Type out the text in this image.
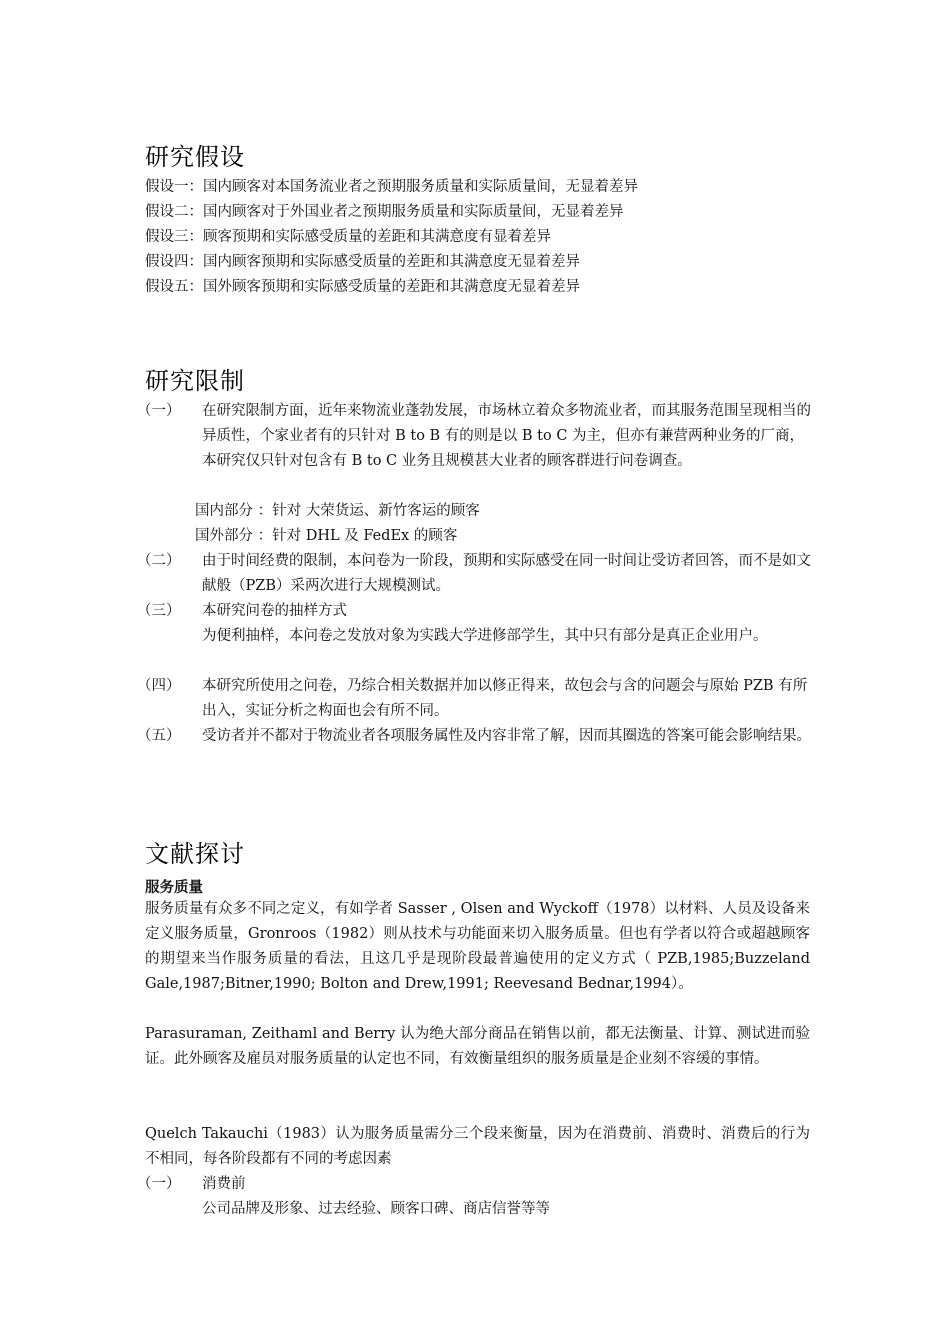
研究假设
假设一：国内顾客对本国务流业者之预期服务质量和实际质量间，无显着差异
假设二：国内顾客对于外国业者之预期服务质量和实际质量间，无显着差异
假设三：顾客预期和实际感受质量的差距和其满意度有显着差异
假设四：国内顾客预期和实际感受质量的差距和其满意度无显着差异
假设五：国外顾客预期和实际感受质量的差距和其满意度无显着差异
研究限制
（一）	在研究限制方面，近年来物流业蓬勃发展，市场林立着众多物流业者，而其服务范围呈现相当的异质性，个家业者有的只针对 B to B 有的则是以 B to C 为主，但亦有兼营两种业务的厂商，本研究仅只针对包含有 B to C 业务且规模甚大业者的顾客群进行问卷调查。
国内部分 ：针对 大荣货运、新竹客运的顾客
国外部分 ：针对 DHL 及 FedEx 的顾客
（二）	由于时间经费的限制，本问卷为一阶段，预期和实际感受在同一时间让受访者回答，而不是如文献般（PZB）采两次进行大规模测试。
（三）	本研究问卷的抽样方式
为便利抽样，本问卷之发放对象为实践大学进修部学生，其中只有部分是真正企业用户。
（四）	本研究所使用之问卷，乃综合相关数据并加以修正得来，故包会与含的问题会与原始 PZB 有所出入，实证分析之构面也会有所不同。
（五）	受访者并不都对于物流业者各项服务属性及内容非常了解，因而其圈选的答案可能会影响结果。
文献探讨
服务质量
服务质量有众多不同之定义，有如学者 Sasser , Olsen and Wyckoff（1978）以材料、人员及设备来定义服务质量，Gronroos（1982）则从技术与功能面来切入服务质量。但也有学者以符合或超越顾客的期望来当作服务质量的看法，且这几乎是现阶段最普遍使用的定义方式（ PZB,1985;Buzzeland Gale,1987;Bitner,1990; Bolton and Drew,1991; Reevesand Bednar,1994）。
Parasuraman, Zeithaml and Berry 认为绝大部分商品在销售以前，都无法衡量、计算、测试进而验证。此外顾客及雇员对服务质量的认定也不同，有效衡量组织的服务质量是企业刻不容缓的事情。
Quelch Takauchi（1983）认为服务质量需分三个段来衡量，因为在消费前、消费时、消费后的行为不相同，每各阶段都有不同的考虑因素
（一）	消费前
公司品牌及形象、过去经验、顾客口碑、商店信誉等等
